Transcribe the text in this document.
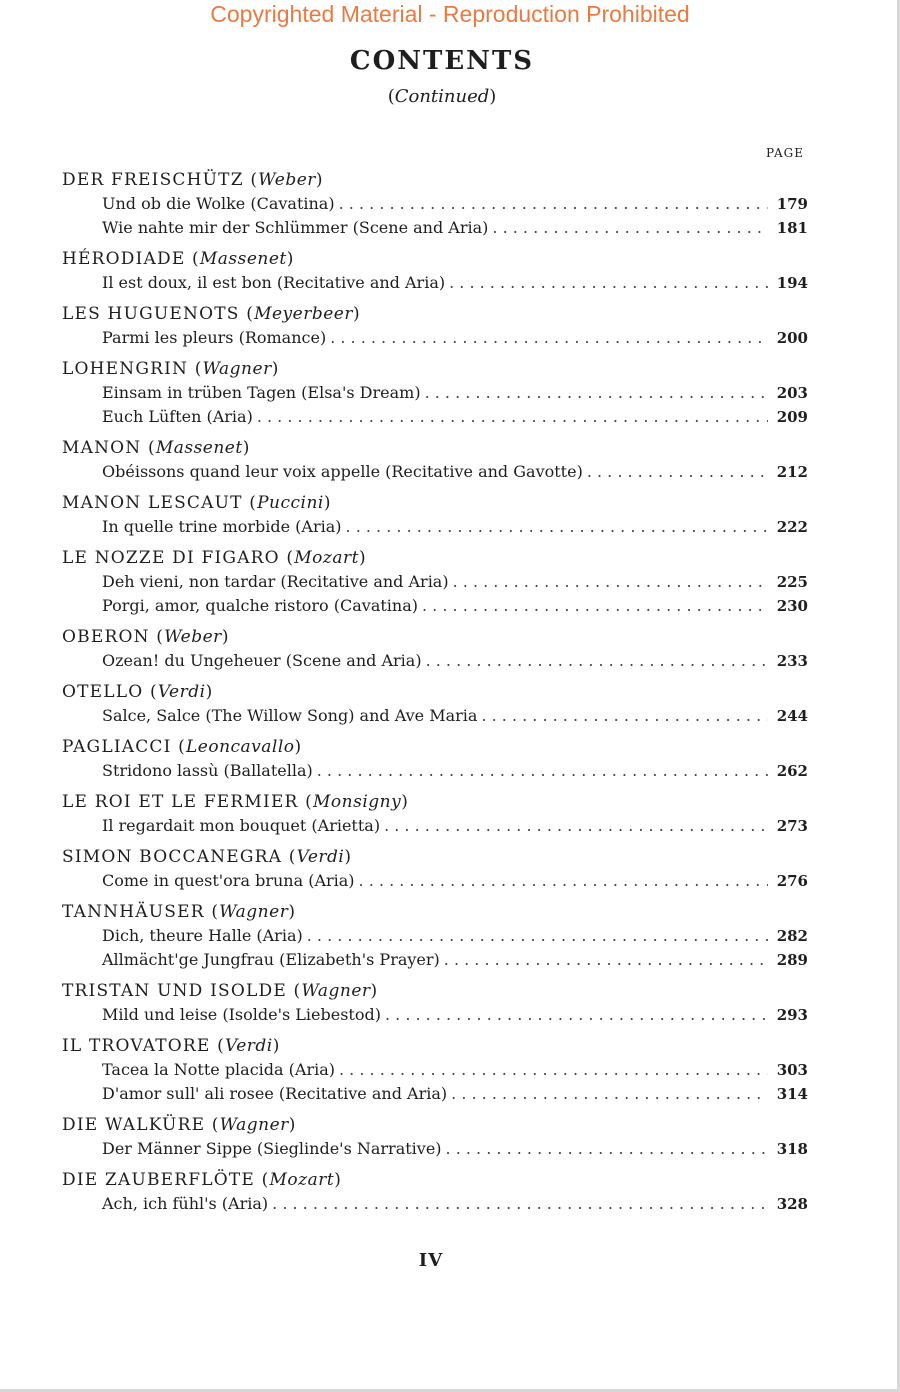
Copyrighted Material - Reproduction Prohibited
CONTENTS
(Continued)
PAGE
DER FREISCHÜTZ (Weber)
Und ob die Wolke (Cavatina) . . .	179
Wie nahte mir der Schlümmer (Scene and Aria) . . .	181
HÉRODIADE (Massenet)
Il est doux, il est bon (Recitative and Aria) . . .	194
LES HUGUENOTS (Meyerbeer)
Parmi les pleurs (Romance) . . .	200
LOHENGRIN (Wagner)
Einsam in trüben Tagen (Elsa's Dream) . . .	203
Euch Lüften (Aria) . . .	209
MANON (Massenet)
Obéissons quand leur voix appelle (Recitative and Gavotte) . . .	212
MANON LESCAUT (Puccini)
In quelle trine morbide (Aria) . . .	222
LE NOZZE DI FIGARO (Mozart)
Deh vieni, non tardar (Recitative and Aria) . . .	225
Porgi, amor, qualche ristoro (Cavatina) . . .	230
OBERON (Weber)
Ozean! du Ungeheuer (Scene and Aria) . . .	233
OTELLO (Verdi)
Salce, Salce (The Willow Song) and Ave Maria . . .	244
PAGLIACCI (Leoncavallo)
Stridono lassù (Ballatella) . . .	262
LE ROI ET LE FERMIER (Monsigny)
Il regardait mon bouquet (Arietta) . . .	273
SIMON BOCCANEGRA (Verdi)
Come in quest'ora bruna (Aria) . . .	276
TANNHÄUSER (Wagner)
Dich, theure Halle (Aria) . . .	282
Allmächt'ge Jungfrau (Elizabeth's Prayer) . . .	289
TRISTAN UND ISOLDE (Wagner)
Mild und leise (Isolde's Liebestod) . . .	293
IL TROVATORE (Verdi)
Tacea la Notte placida (Aria) . . .	303
D'amor sull' ali rosee (Recitative and Aria) . . .	314
DIE WALKÜRE (Wagner)
Der Männer Sippe (Sieglinde's Narrative) . . .	318
DIE ZAUBERFLÖTE (Mozart)
Ach, ich fühl's (Aria) . . .	328
IV
